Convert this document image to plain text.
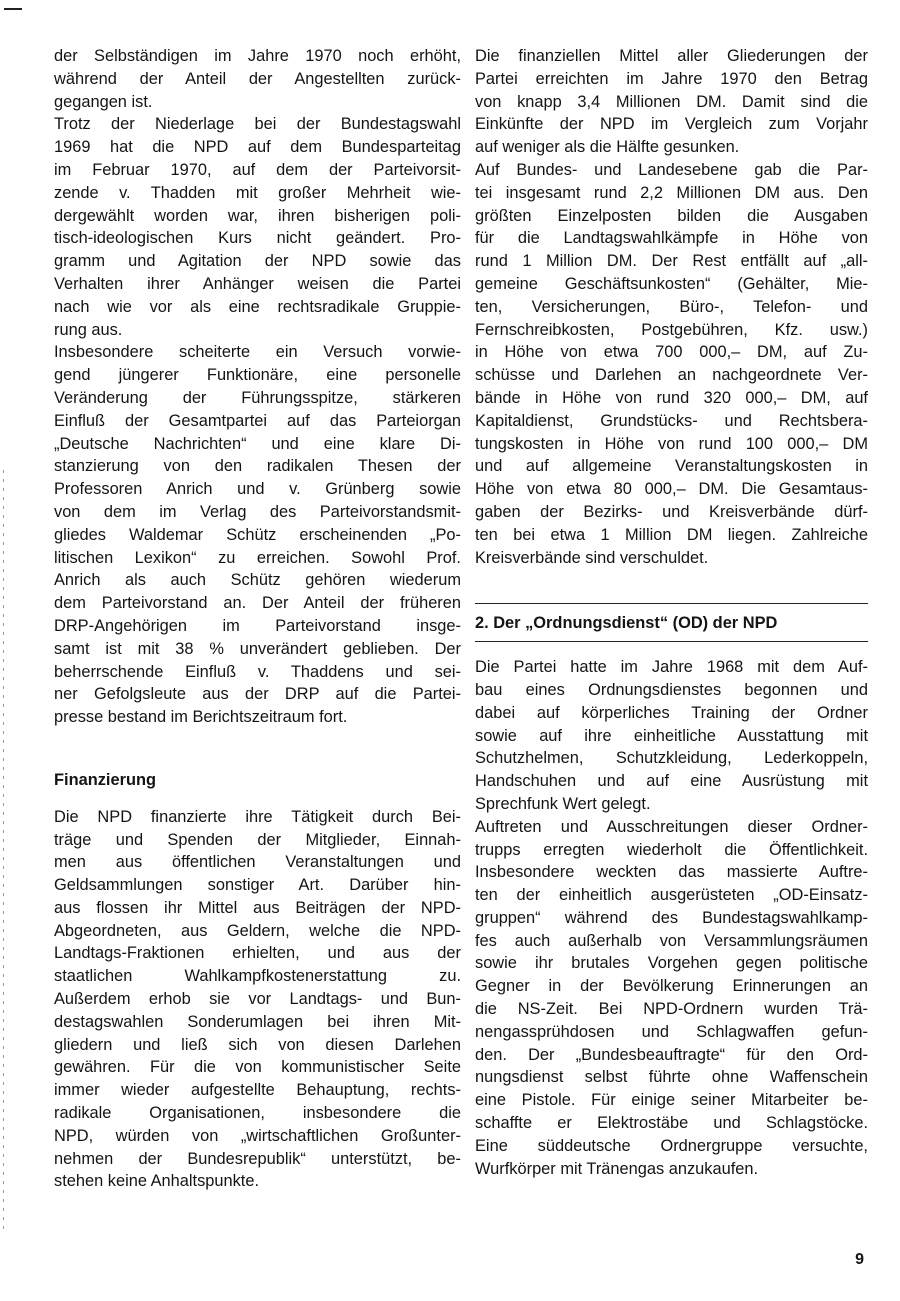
der Selbständigen im Jahre 1970 noch erhöht,
während der Anteil der Angestellten zurück-
gegangen ist.
Trotz der Niederlage bei der Bundestagswahl
1969 hat die NPD auf dem Bundesparteitag
im Februar 1970, auf dem der Parteivorsit-
zende v. Thadden mit großer Mehrheit wie-
dergewählt worden war, ihren bisherigen poli-
tisch-ideologischen Kurs nicht geändert. Pro-
gramm und Agitation der NPD sowie das
Verhalten ihrer Anhänger weisen die Partei
nach wie vor als eine rechtsradikale Gruppie-
rung aus.
Insbesondere scheiterte ein Versuch vorwie-
gend jüngerer Funktionäre, eine personelle
Veränderung der Führungsspitze, stärkeren
Einfluß der Gesamtpartei auf das Parteiorgan
„Deutsche Nachrichten“ und eine klare Di-
stanzierung von den radikalen Thesen der
Professoren Anrich und v. Grünberg sowie
von dem im Verlag des Parteivorstandsmit-
gliedes Waldemar Schütz erscheinenden „Po-
litischen Lexikon“ zu erreichen. Sowohl Prof.
Anrich als auch Schütz gehören wiederum
dem Parteivorstand an. Der Anteil der früheren
DRP-Angehörigen im Parteivorstand insge-
samt ist mit 38 % unverändert geblieben. Der
beherrschende Einfluß v. Thaddens und sei-
ner Gefolgsleute aus der DRP auf die Partei-
presse bestand im Berichtszeitraum fort.
Finanzierung
Die NPD finanzierte ihre Tätigkeit durch Bei-
träge und Spenden der Mitglieder, Einnah-
men aus öffentlichen Veranstaltungen und
Geldsammlungen sonstiger Art. Darüber hin-
aus flossen ihr Mittel aus Beiträgen der NPD-
Abgeordneten, aus Geldern, welche die NPD-
Landtags-Fraktionen erhielten, und aus der
staatlichen Wahlkampfkostenerstattung zu.
Außerdem erhob sie vor Landtags- und Bun-
destagswahlen Sonderumlagen bei ihren Mit-
gliedern und ließ sich von diesen Darlehen
gewähren. Für die von kommunistischer Seite
immer wieder aufgestellte Behauptung, rechts-
radikale Organisationen, insbesondere die
NPD, würden von „wirtschaftlichen Großunter-
nehmen der Bundesrepublik“ unterstützt, be-
stehen keine Anhaltspunkte.
Die finanziellen Mittel aller Gliederungen der
Partei erreichten im Jahre 1970 den Betrag
von knapp 3,4 Millionen DM. Damit sind die
Einkünfte der NPD im Vergleich zum Vorjahr
auf weniger als die Hälfte gesunken.
Auf Bundes- und Landesebene gab die Par-
tei insgesamt rund 2,2 Millionen DM aus. Den
größten Einzelposten bilden die Ausgaben
für die Landtagswahlkämpfe in Höhe von
rund 1 Million DM. Der Rest entfällt auf „all-
gemeine Geschäftsunkosten“ (Gehälter, Mie-
ten, Versicherungen, Büro-, Telefon- und
Fernschreibkosten, Postgebühren, Kfz. usw.)
in Höhe von etwa 700 000,– DM, auf Zu-
schüsse und Darlehen an nachgeordnete Ver-
bände in Höhe von rund 320 000,– DM, auf
Kapitaldienst, Grundstücks- und Rechtsbera-
tungskosten in Höhe von rund 100 000,– DM
und auf allgemeine Veranstaltungskosten in
Höhe von etwa 80 000,– DM. Die Gesamtaus-
gaben der Bezirks- und Kreisverbände dürf-
ten bei etwa 1 Million DM liegen. Zahlreiche
Kreisverbände sind verschuldet.
2. Der „Ordnungsdienst“ (OD) der NPD
Die Partei hatte im Jahre 1968 mit dem Auf-
bau eines Ordnungsdienstes begonnen und
dabei auf körperliches Training der Ordner
sowie auf ihre einheitliche Ausstattung mit
Schutzhelmen, Schutzkleidung, Lederkoppeln,
Handschuhen und auf eine Ausrüstung mit
Sprechfunk Wert gelegt.
Auftreten und Ausschreitungen dieser Ordner-
trupps erregten wiederholt die Öffentlichkeit.
Insbesondere weckten das massierte Auftre-
ten der einheitlich ausgerüsteten „OD-Einsatz-
gruppen“ während des Bundestagswahlkamp-
fes auch außerhalb von Versammlungsräumen
sowie ihr brutales Vorgehen gegen politische
Gegner in der Bevölkerung Erinnerungen an
die NS-Zeit. Bei NPD-Ordnern wurden Trä-
nengassprühdosen und Schlagwaffen gefun-
den. Der „Bundesbeauftragte“ für den Ord-
nungsdienst selbst führte ohne Waffenschein
eine Pistole. Für einige seiner Mitarbeiter be-
schaffte er Elektrostäbe und Schlagstöcke.
Eine süddeutsche Ordnergruppe versuchte,
Wurfkörper mit Tränengas anzukaufen.
9
